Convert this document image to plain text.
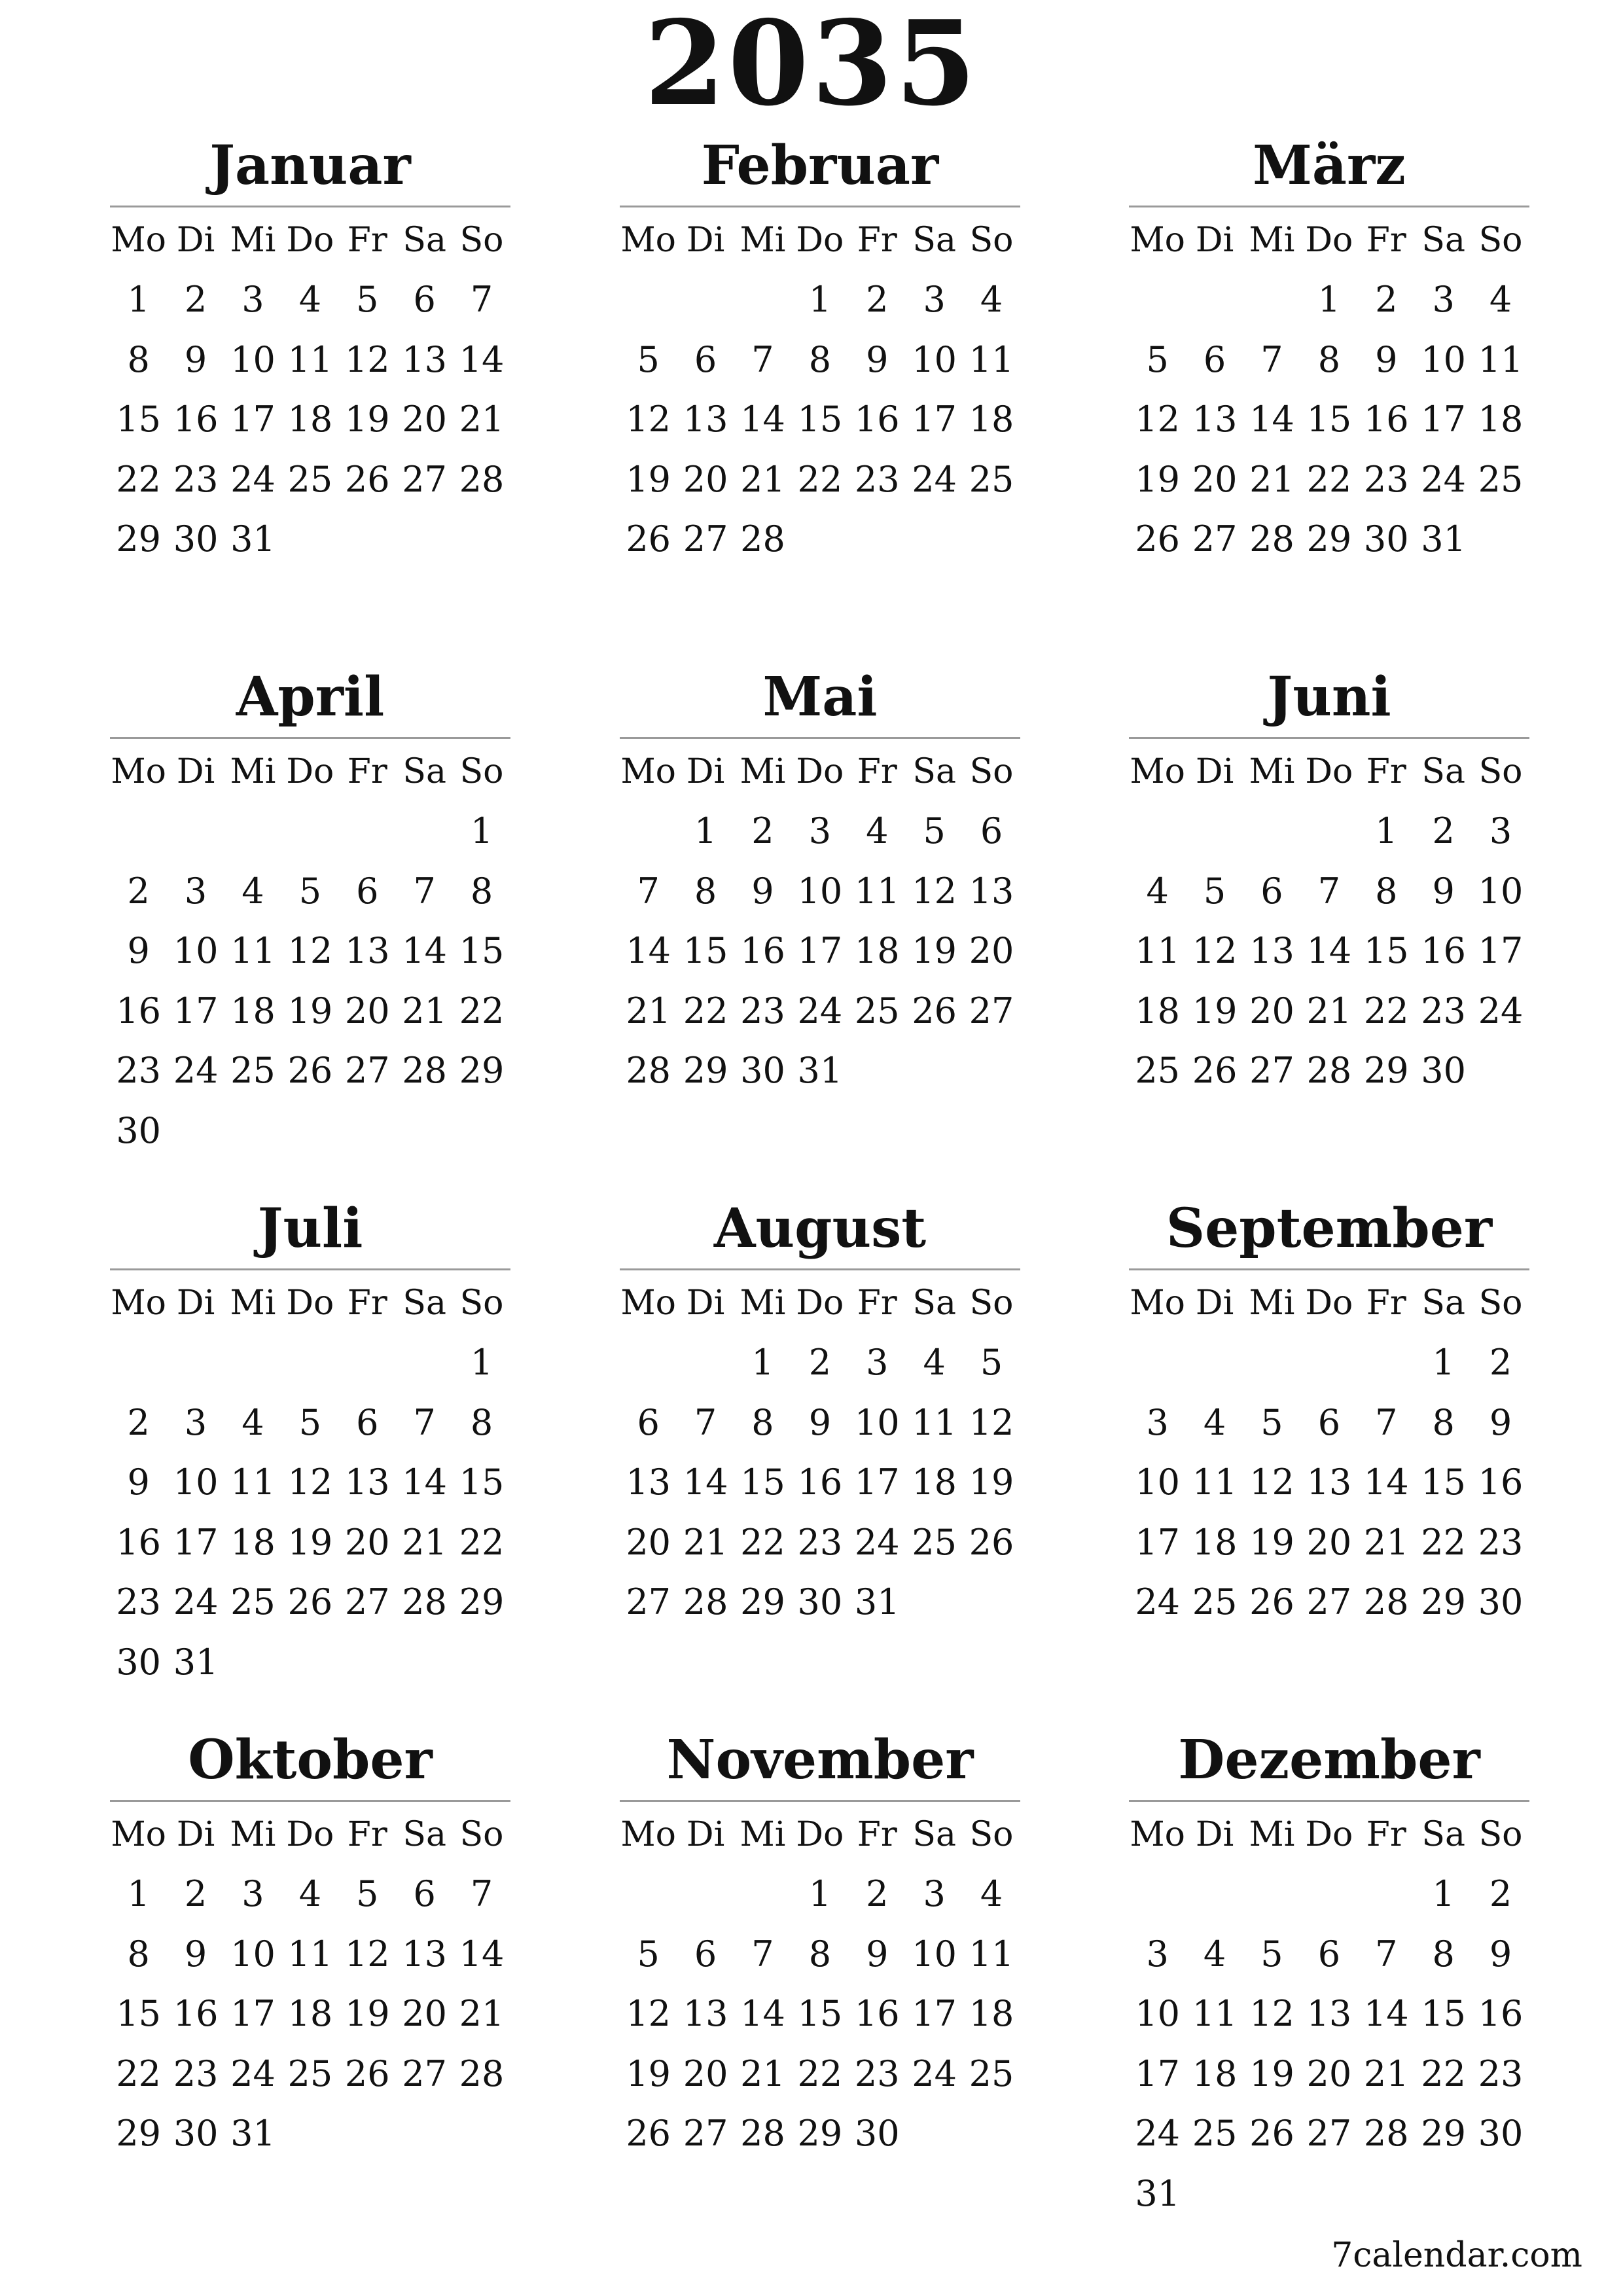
2035
Januar
Mo Di Mi Do Fr Sa So
1 2 3 4 5 6 7
8 9 10 11 12 13 14
15 16 17 18 19 20 21
22 23 24 25 26 27 28
29 30 31
Februar
Mo Di Mi Do Fr Sa So
1 2 3 4
5 6 7 8 9 10 11
12 13 14 15 16 17 18
19 20 21 22 23 24 25
26 27 28
März
Mo Di Mi Do Fr Sa So
1 2 3 4
5 6 7 8 9 10 11
12 13 14 15 16 17 18
19 20 21 22 23 24 25
26 27 28 29 30 31
April
Mo Di Mi Do Fr Sa So
1
2 3 4 5 6 7 8
9 10 11 12 13 14 15
16 17 18 19 20 21 22
23 24 25 26 27 28 29
30
Mai
Mo Di Mi Do Fr Sa So
1 2 3 4 5 6
7 8 9 10 11 12 13
14 15 16 17 18 19 20
21 22 23 24 25 26 27
28 29 30 31
Juni
Mo Di Mi Do Fr Sa So
1 2 3
4 5 6 7 8 9 10
11 12 13 14 15 16 17
18 19 20 21 22 23 24
25 26 27 28 29 30
Juli
Mo Di Mi Do Fr Sa So
1
2 3 4 5 6 7 8
9 10 11 12 13 14 15
16 17 18 19 20 21 22
23 24 25 26 27 28 29
30 31
August
Mo Di Mi Do Fr Sa So
1 2 3 4 5
6 7 8 9 10 11 12
13 14 15 16 17 18 19
20 21 22 23 24 25 26
27 28 29 30 31
September
Mo Di Mi Do Fr Sa So
1 2
3 4 5 6 7 8 9
10 11 12 13 14 15 16
17 18 19 20 21 22 23
24 25 26 27 28 29 30
Oktober
Mo Di Mi Do Fr Sa So
1 2 3 4 5 6 7
8 9 10 11 12 13 14
15 16 17 18 19 20 21
22 23 24 25 26 27 28
29 30 31
November
Mo Di Mi Do Fr Sa So
1 2 3 4
5 6 7 8 9 10 11
12 13 14 15 16 17 18
19 20 21 22 23 24 25
26 27 28 29 30
Dezember
Mo Di Mi Do Fr Sa So
1 2
3 4 5 6 7 8 9
10 11 12 13 14 15 16
17 18 19 20 21 22 23
24 25 26 27 28 29 30
31
7calendar.com
